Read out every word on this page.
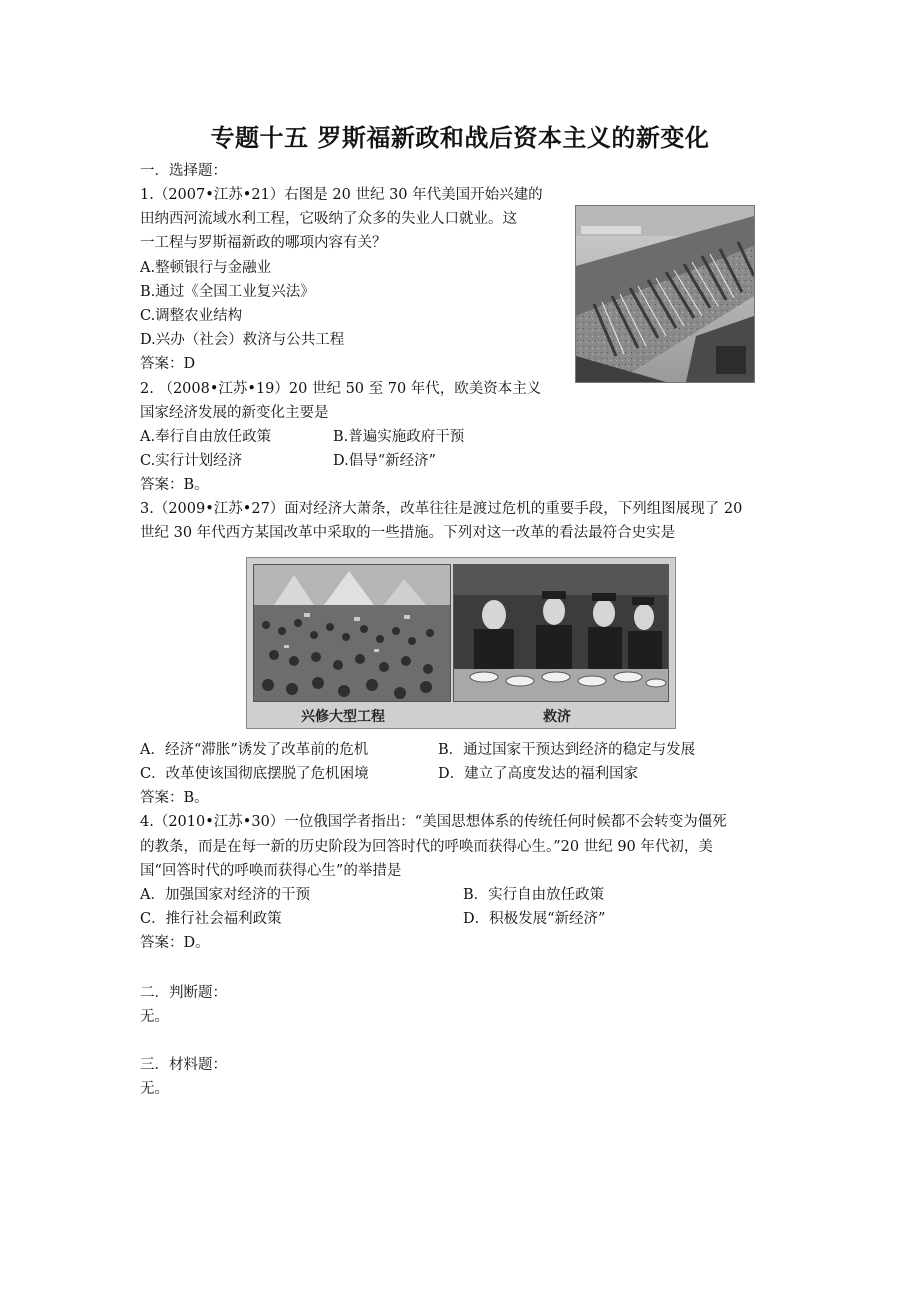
专题十五 罗斯福新政和战后资本主义的新变化
一．选择题：
1.（2007•江苏•21）右图是 20 世纪 30 年代美国开始兴建的
田纳西河流域水利工程，它吸纳了众多的失业人口就业。这
一工程与罗斯福新政的哪项内容有关？
A.整顿银行与金融业
B.通过《全国工业复兴法》
C.调整农业结构
D.兴办（社会）救济与公共工程
答案：D
2. （2008•江苏•19）20 世纪 50 至 70 年代，欧美资本主义
国家经济发展的新变化主要是
A.奉行自由放任政策	B.普遍实施政府干预
C.实行计划经济	D.倡导“新经济”
答案：B。
3.（2009•江苏•27）面对经济大萧条，改革往往是渡过危机的重要手段，下列组图展现了 20
世纪 30 年代西方某国改革中采取的一些措施。下列对这一改革的看法最符合史实是
兴修大型工程	救济
A．经济“滞胀”诱发了改革前的危机	B．通过国家干预达到经济的稳定与发展
C．改革使该国彻底摆脱了危机困境	D．建立了高度发达的福利国家
答案：B。
4.（2010•江苏•30）一位俄国学者指出：“美国思想体系的传统任何时候都不会转变为僵死
的教条，而是在每一新的历史阶段为回答时代的呼唤而获得心生。”20 世纪 90 年代初，美
国“回答时代的呼唤而获得心生”的举措是
A．加强国家对经济的干预	B．实行自由放任政策
C．推行社会福利政策	D．积极发展“新经济”
答案：D。
二．判断题：
无。
三．材料题：
无。
